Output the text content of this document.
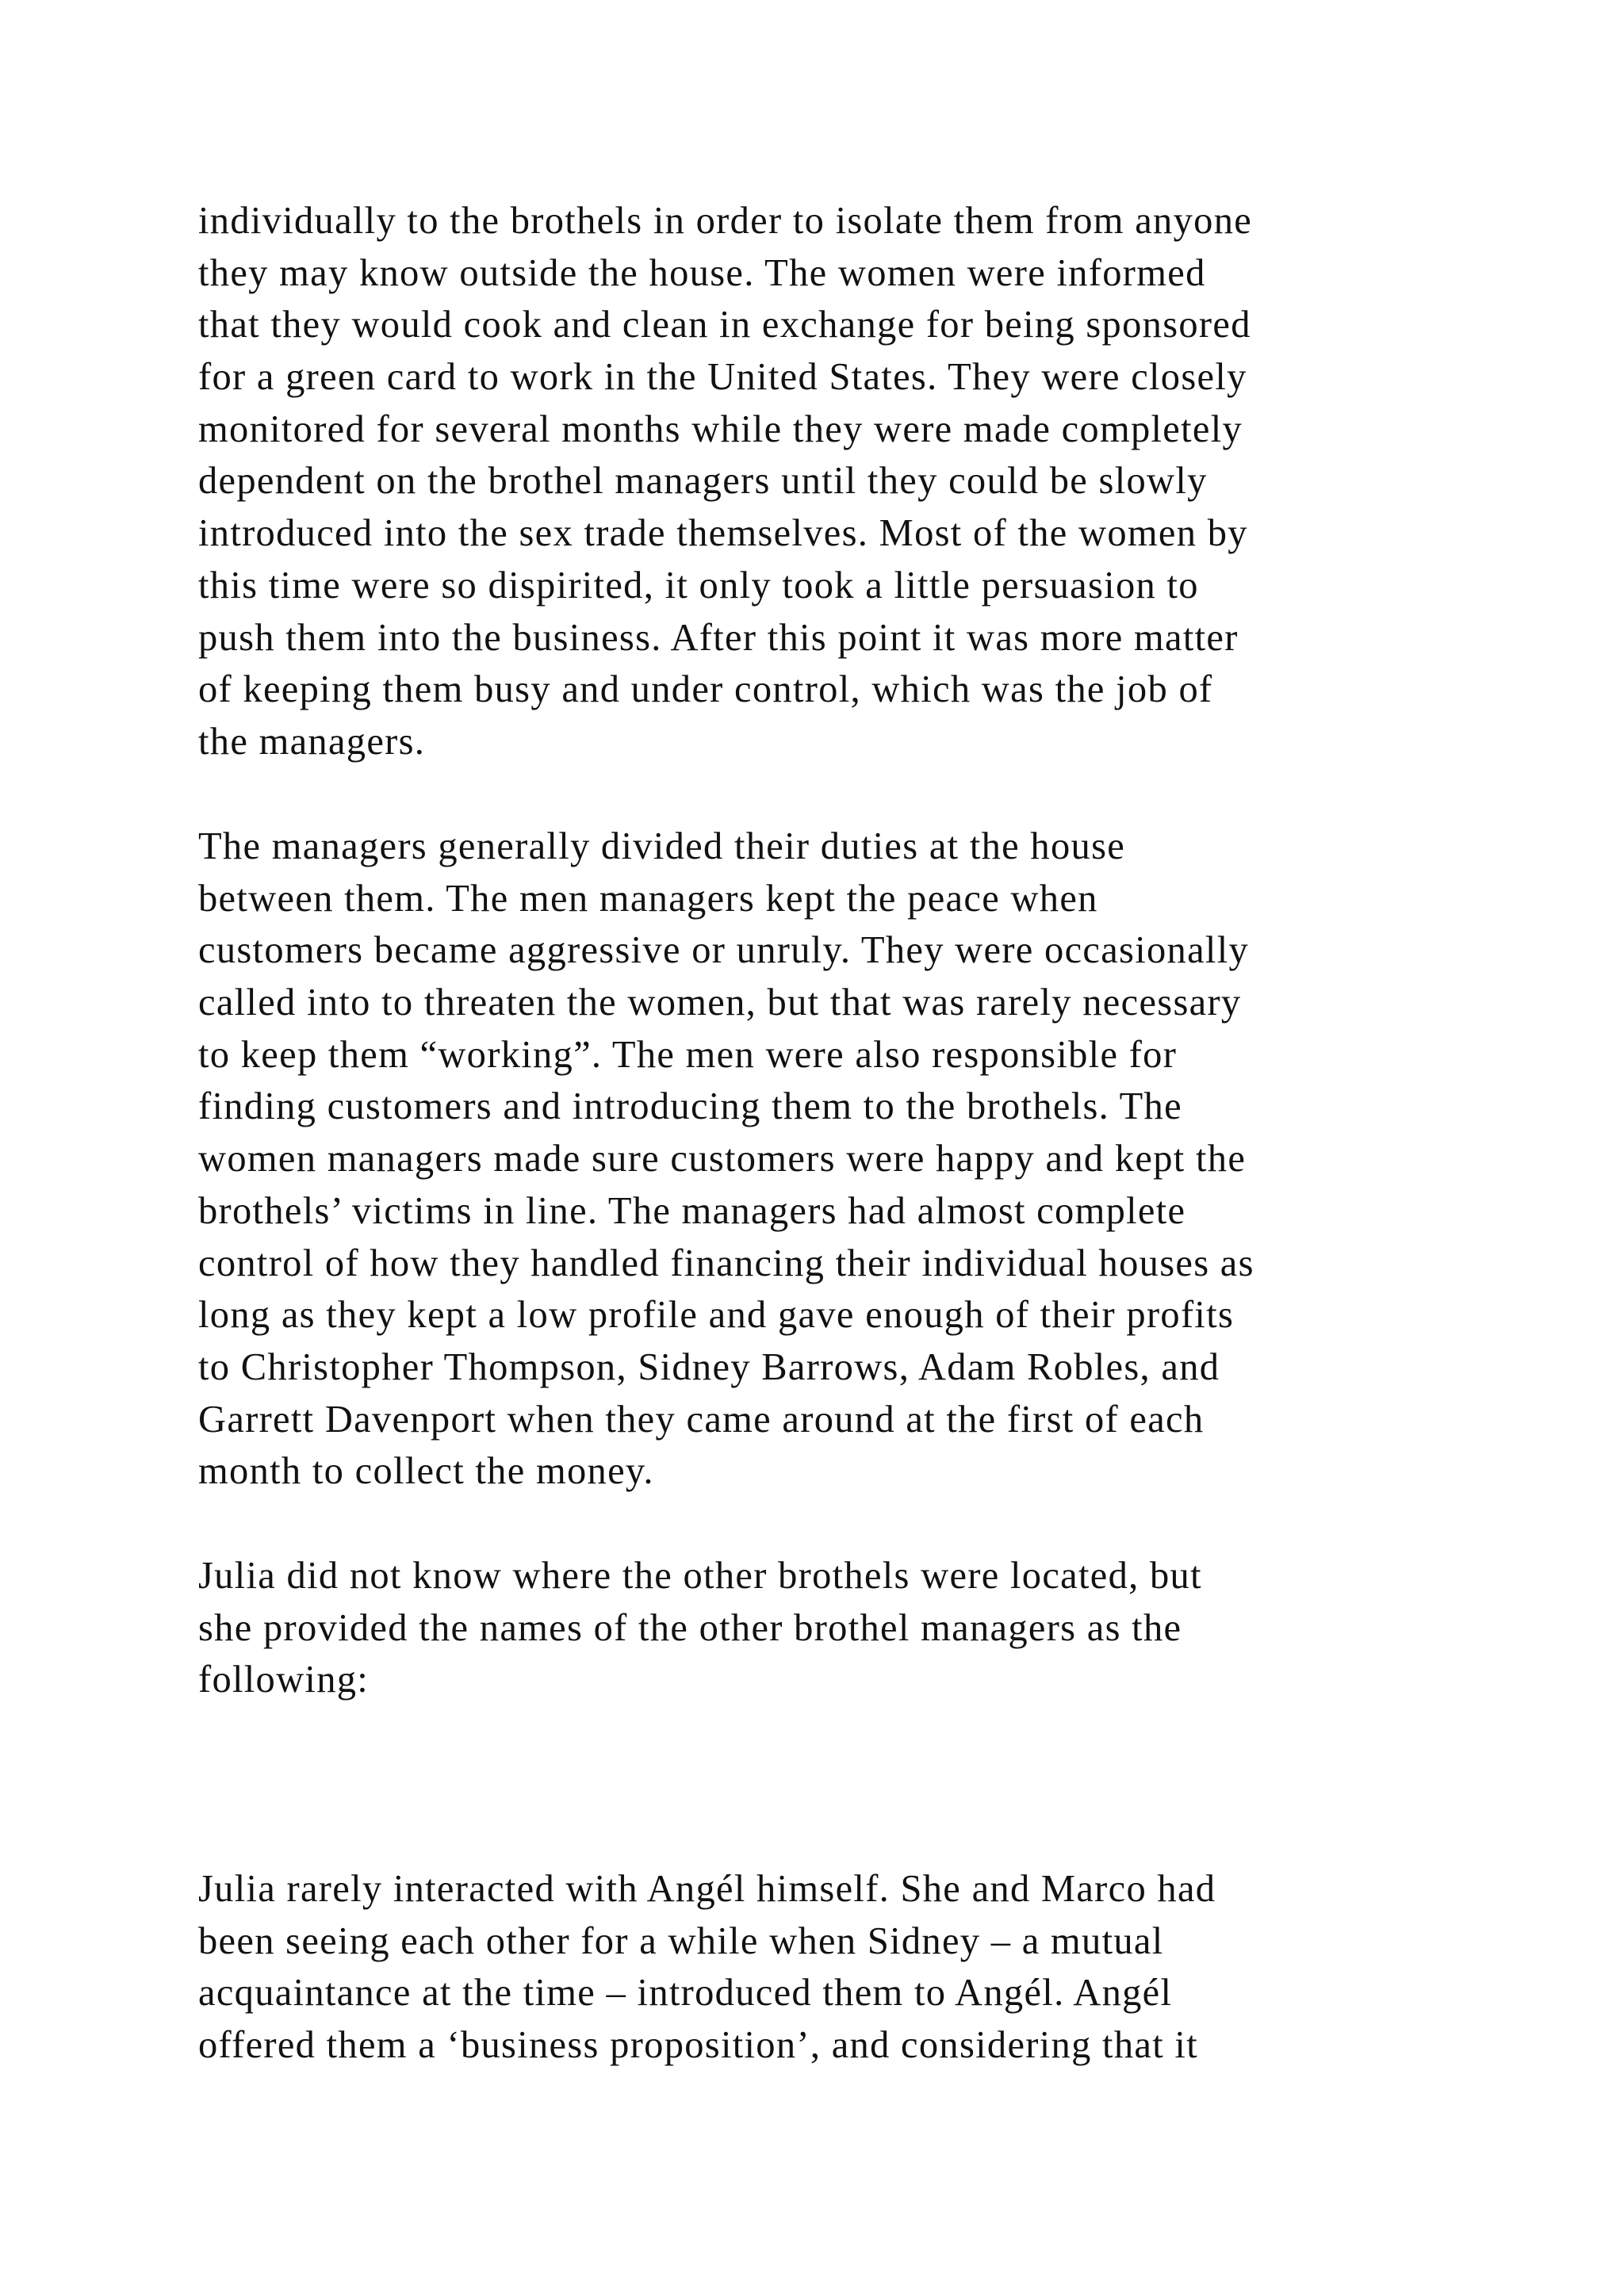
individually to the brothels in order to isolate them from anyone
they may know outside the house. The women were informed
that they would cook and clean in exchange for being sponsored
for a green card to work in the United States. They were closely
monitored for several months while they were made completely
dependent on the brothel managers until they could be slowly
introduced into the sex trade themselves. Most of the women by
this time were so dispirited, it only took a little persuasion to
push them into the business. After this point it was more matter
of keeping them busy and under control, which was the job of
the managers.
The managers generally divided their duties at the house
between them. The men managers kept the peace when
customers became aggressive or unruly. They were occasionally
called into to threaten the women, but that was rarely necessary
to keep them “working”. The men were also responsible for
finding customers and introducing them to the brothels. The
women managers made sure customers were happy and kept the
brothels’ victims in line. The managers had almost complete
control of how they handled financing their individual houses as
long as they kept a low profile and gave enough of their profits
to Christopher Thompson, Sidney Barrows, Adam Robles, and
Garrett Davenport when they came around at the first of each
month to collect the money.
Julia did not know where the other brothels were located, but
she provided the names of the other brothel managers as the
following:
Julia rarely interacted with Angél himself. She and Marco had
been seeing each other for a while when Sidney – a mutual
acquaintance at the time – introduced them to Angél. Angél
offered them a ‘business proposition’, and considering that it
